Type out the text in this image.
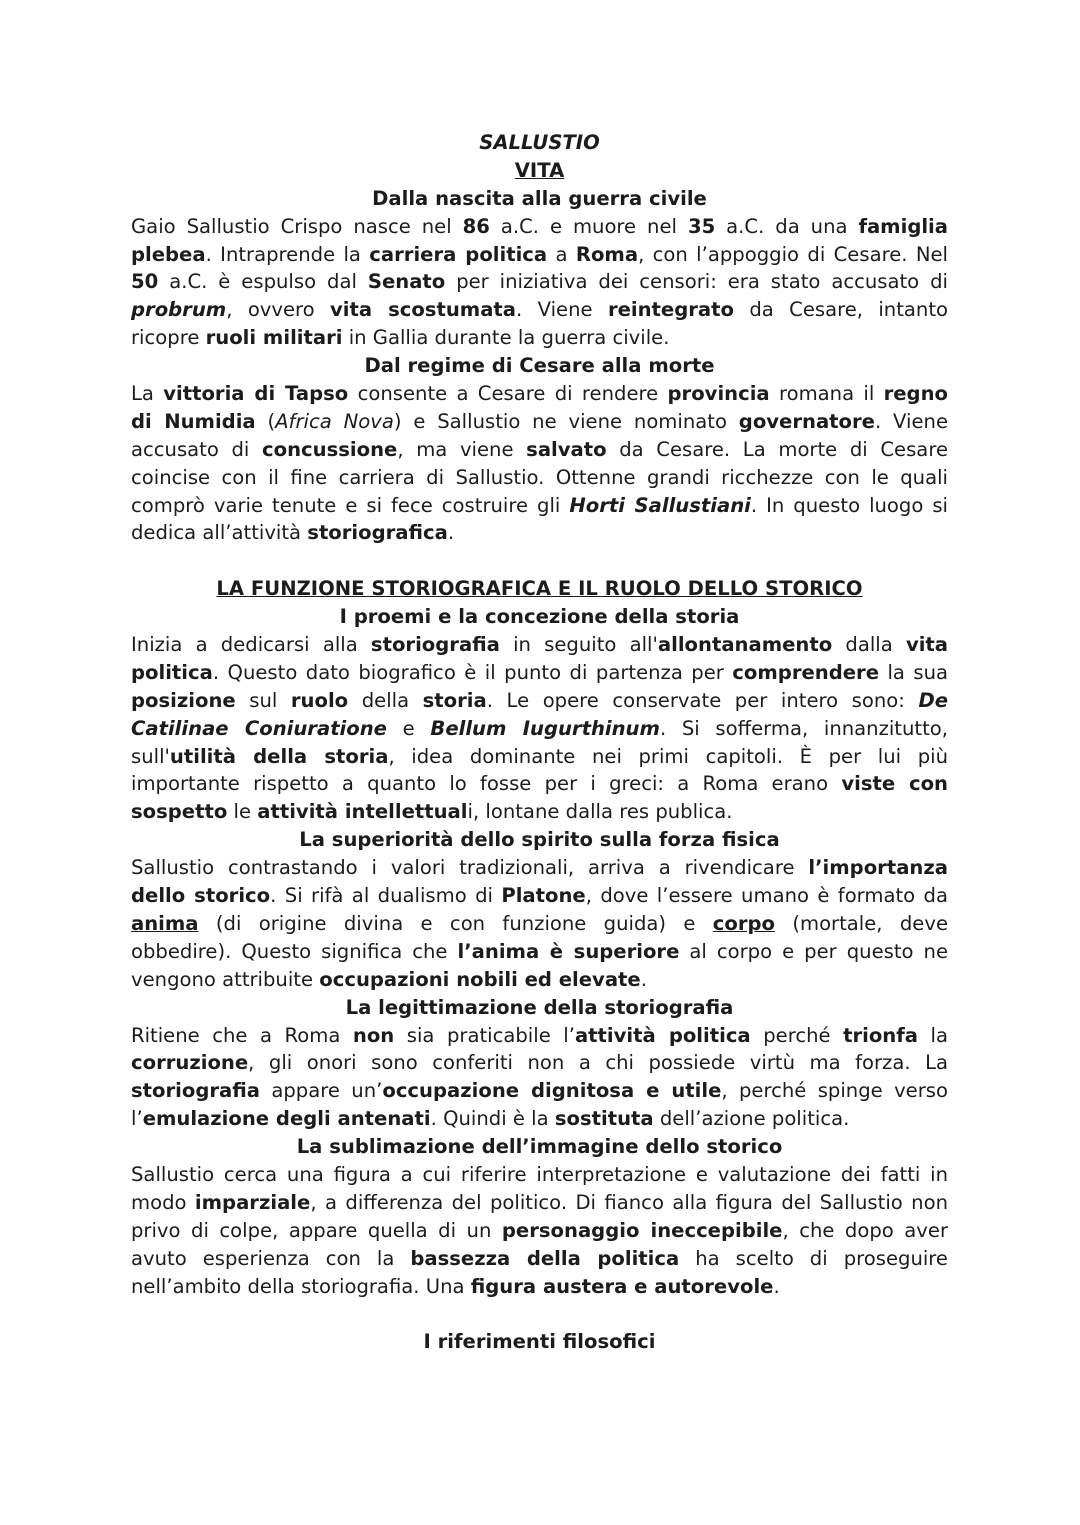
SALLUSTIO
VITA
Dalla nascita alla guerra civile
Gaio Sallustio Crispo nasce nel 86 a.C. e muore nel 35 a.C. da una famiglia
plebea. Intraprende la carriera politica a Roma, con l’appoggio di Cesare. Nel
50 a.C. è espulso dal Senato per iniziativa dei censori: era stato accusato di
probrum, ovvero vita scostumata. Viene reintegrato da Cesare, intanto
ricopre ruoli militari in Gallia durante la guerra civile.
Dal regime di Cesare alla morte
La vittoria di Tapso consente a Cesare di rendere provincia romana il regno
di Numidia (Africa Nova) e Sallustio ne viene nominato governatore. Viene
accusato di concussione, ma viene salvato da Cesare. La morte di Cesare
coincise con il fine carriera di Sallustio. Ottenne grandi ricchezze con le quali
comprò varie tenute e si fece costruire gli Horti Sallustiani. In questo luogo si
dedica all’attività storiografica.
LA FUNZIONE STORIOGRAFICA E IL RUOLO DELLO STORICO
I proemi e la concezione della storia
Inizia a dedicarsi alla storiografia in seguito all'allontanamento dalla vita
politica. Questo dato biografico è il punto di partenza per comprendere la sua
posizione sul ruolo della storia. Le opere conservate per intero sono: De
Catilinae Coniuratione e Bellum Iugurthinum. Si sofferma, innanzitutto,
sull'utilità della storia, idea dominante nei primi capitoli. È per lui più
importante rispetto a quanto lo fosse per i greci: a Roma erano viste con
sospetto le attività intellettuali, lontane dalla res publica.
La superiorità dello spirito sulla forza fisica
Sallustio contrastando i valori tradizionali, arriva a rivendicare l’importanza
dello storico. Si rifà al dualismo di Platone, dove l’essere umano è formato da
anima (di origine divina e con funzione guida) e corpo (mortale, deve
obbedire). Questo significa che l’anima è superiore al corpo e per questo ne
vengono attribuite occupazioni nobili ed elevate.
La legittimazione della storiografia
Ritiene che a Roma non sia praticabile l’attività politica perché trionfa la
corruzione, gli onori sono conferiti non a chi possiede virtù ma forza. La
storiografia appare un’occupazione dignitosa e utile, perché spinge verso
l’emulazione degli antenati. Quindi è la sostituta dell’azione politica.
La sublimazione dell’immagine dello storico
Sallustio cerca una figura a cui riferire interpretazione e valutazione dei fatti in
modo imparziale, a differenza del politico. Di fianco alla figura del Sallustio non
privo di colpe, appare quella di un personaggio ineccepibile, che dopo aver
avuto esperienza con la bassezza della politica ha scelto di proseguire
nell’ambito della storiografia. Una figura austera e autorevole.
I riferimenti filosofici
